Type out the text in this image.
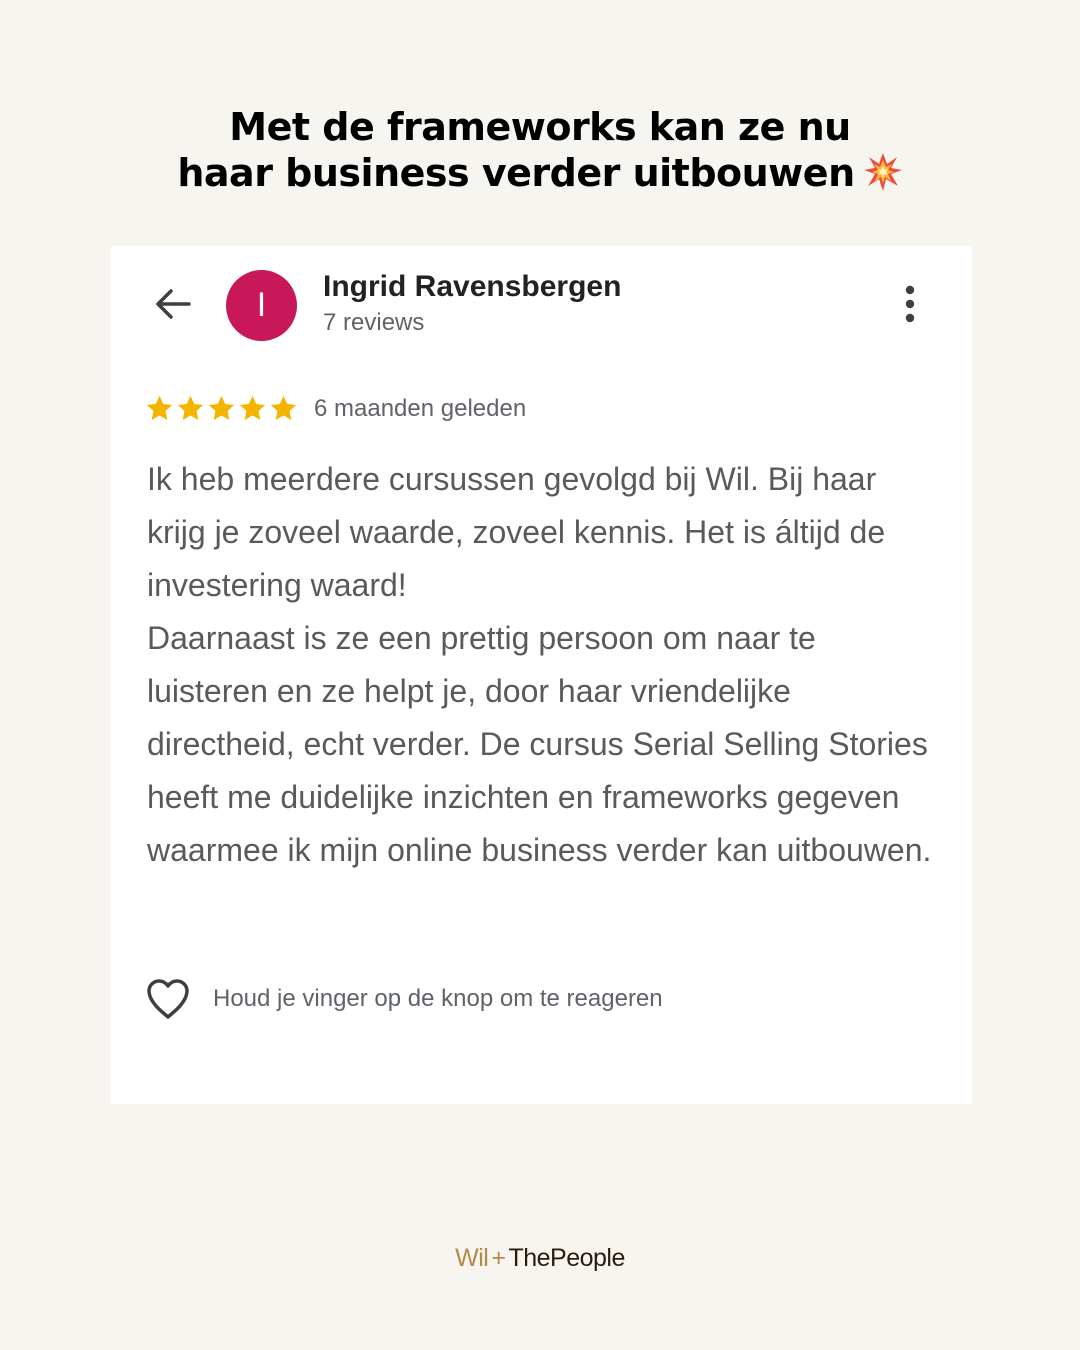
Met de frameworks kan ze nu
haar business verder uitbouwen
I	Ingrid Ravensbergen
7 reviews
6 maanden geleden

Ik heb meerdere cursussen gevolgd bij Wil. Bij haar krijg je zoveel waarde, zoveel kennis. Het is áltijd de investering waard!

Daarnaast is ze een prettig persoon om naar te luisteren en ze helpt je, door haar vriendelijke directheid, echt verder. De cursus Serial Selling Stories heeft me duidelijke inzichten en frameworks gegeven waarmee ik mijn online business verder kan uitbouwen.

Houd je vinger op de knop om te reageren
Wil + ThePeople
